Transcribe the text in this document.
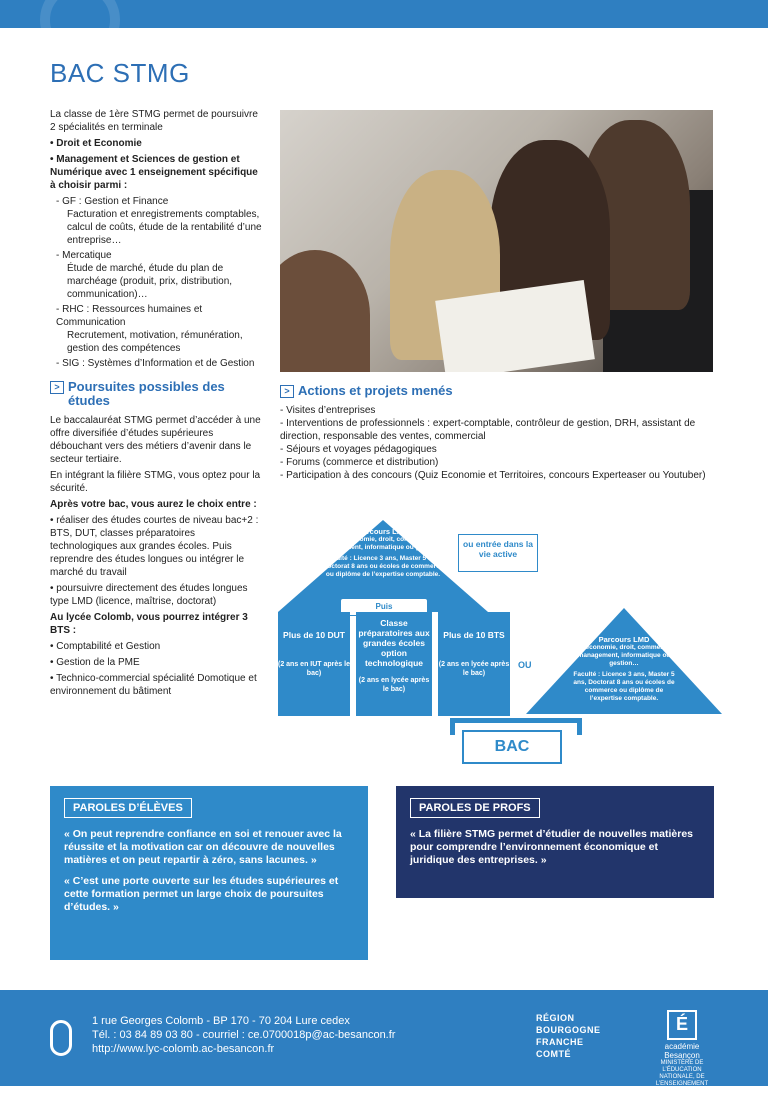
BAC STMG

La classe de 1ère STMG permet de poursuivre 2 spécialités en terminale

• Droit et Economie

• Management et Sciences de gestion et Numérique avec 1 enseignement spécifique à choisir parmi :

- GF : Gestion et Finance
Facturation et enregistrements comptables, calcul de coûts, étude de la rentabilité d’une entreprise…
- Mercatique
Étude de marché, étude du plan de marchéage (produit, prix, distribution, communication)…
- RHC : Ressources humaines et Communication
Recrutement, motivation, rémunération, gestion des compétences
- SIG : Systèmes d’Information et de Gestion
> Poursuites possibles des études

Le baccalauréat STMG permet d’accéder à une offre diversifiée d’études supérieures débouchant vers des métiers d’avenir dans le secteur tertiaire.

En intégrant la filière STMG, vous optez pour la sécurité.

Après votre bac, vous aurez le choix entre :

• réaliser des études courtes de niveau bac+2 : BTS, DUT, classes préparatoires technologiques aux grandes écoles. Puis reprendre des études longues ou intégrer le marché du travail

• poursuivre directement des études longues type LMD (licence, maîtrise, doctorat)

Au lycée Colomb, vous pourrez intégrer 3 BTS :

• Comptabilité et Gestion

• Gestion de la PME

• Technico-commercial spécialité Domotique et environnement du bâtiment

> Actions et projets menés

- Visites d’entreprises

- Interventions de professionnels : expert-comptable, contrôleur de gestion, DRH, assistant de direction, responsable des ventes, commercial

- Séjours et voyages pédagogiques

- Forums (commerce et distribution)

- Participation à des concours (Quiz Economie et Territoires, concours Experteaser ou Youtuber)

Parcours LMD
en économie, droit, commerce, management, informatique ou gestion…
Faculté : Licence 3 ans, Master 5 ans, Doctorat 8 ans ou écoles de commerce ou diplôme de l’expertise comptable.
Puis
ou entrée dans la vie active
Plus de 10 DUT
(2 ans en IUT après le bac)
Classe préparatoires aux grandes écoles option technologique
(2 ans en lycée après le bac)
Plus de 10 BTS
(2 ans en lycée après le bac)
OU
Parcours LMD
en économie, droit, commerce, management, informatique ou gestion…
Faculté : Licence 3 ans, Master 5 ans, Doctorat 8 ans ou écoles de commerce ou diplôme de l’expertise comptable.
BAC
PAROLES D’ÉLÈVES

« On peut reprendre confiance en soi et renouer avec la réussite et la motivation car on découvre de nouvelles matières et on peut repartir à zéro, sans lacunes. »

« C’est une porte ouverte sur les études supérieures et cette formation permet un large choix de poursuites d’études. »

PAROLES DE PROFS

« La filière STMG permet d’étudier de nouvelles matières pour comprendre l’environnement économique et juridique des entreprises. »

1 rue Georges Colomb - BP 170 - 70 204 Lure cedex
Tél. : 03 84 89 03 80 - courriel : ce.0700018p@ac-besancon.fr
http://www.lyc-colomb.ac-besancon.fr
RÉGION
BOURGOGNE
FRANCHE
COMTÉ
É
académie Besançon
MINISTÈRE DE L’ÉDUCATION NATIONALE, DE L’ENSEIGNEMENT SUPÉRIEUR ET DE LA RECHERCHE
